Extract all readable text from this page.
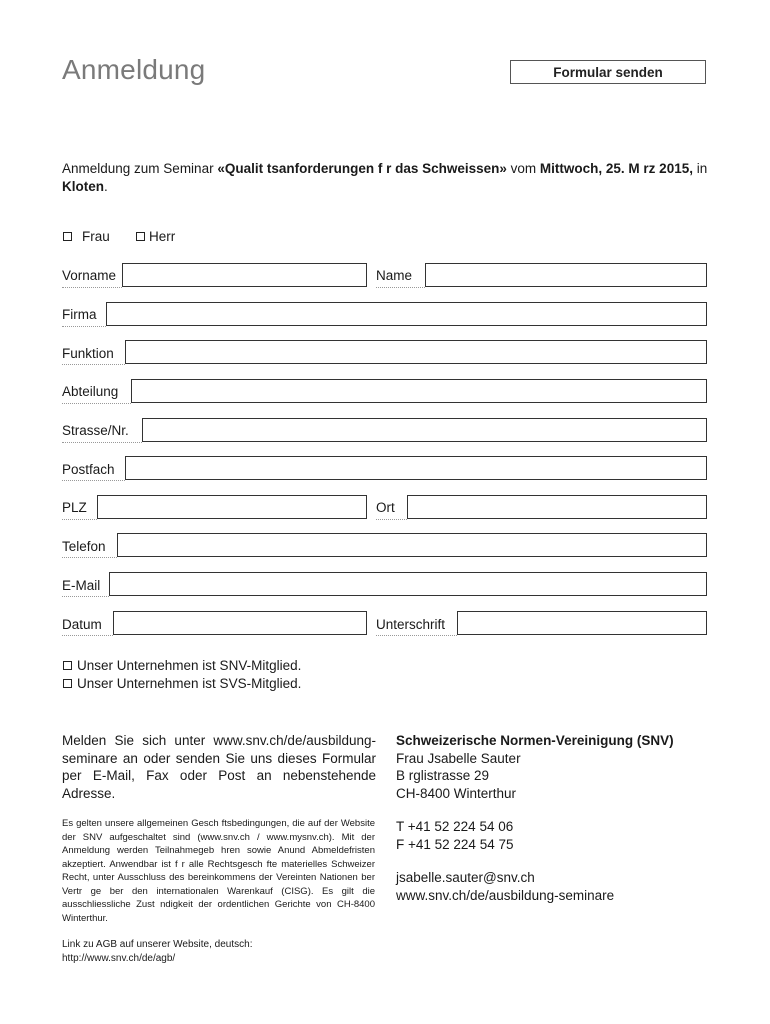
Anmeldung	Formular senden
Anmeldung zum Seminar «Qualit tsanforderungen f r das Schweissen» vom Mittwoch, 25. M rz 2015, in Kloten.
Frau	Herr
Vorname	Name
Firma
Funktion
Abteilung
Strasse/Nr.
Postfach
PLZ	Ort
Telefon
E-Mail
Datum	Unterschrift
Unser Unternehmen ist SNV-Mitglied.
Unser Unternehmen ist SVS-Mitglied.
Melden Sie sich unter www.snv.ch/de/ausbildung-seminare an oder senden Sie uns dieses Formular per E-Mail, Fax oder Post an nebenstehende Adresse.
Es gelten unsere allgemeinen Gesch ftsbedingungen, die auf der Website der SNV aufgeschaltet sind (www.snv.ch / www.mysnv.ch). Mit der Anmeldung werden Teilnahmegeb hren sowie Anund Abmeldefristen akzeptiert. Anwendbar ist f r alle Rechtsgesch fte materielles Schweizer Recht, unter Ausschluss des bereinkommens der Vereinten Nationen ber Vertr ge ber den internationalen Warenkauf (CISG). Es gilt die ausschliessliche Zust ndigkeit der ordentlichen Gerichte von CH-8400 Winterthur.
Link zu AGB auf unserer Website, deutsch:
http://www.snv.ch/de/agb/
Schweizerische Normen-Vereinigung (SNV)
Frau Jsabelle Sauter
B rglistrasse 29
CH-8400 Winterthur
T +41 52 224 54 06
F +41 52 224 54 75
jsabelle.sauter@snv.ch
www.snv.ch/de/ausbildung-seminare
